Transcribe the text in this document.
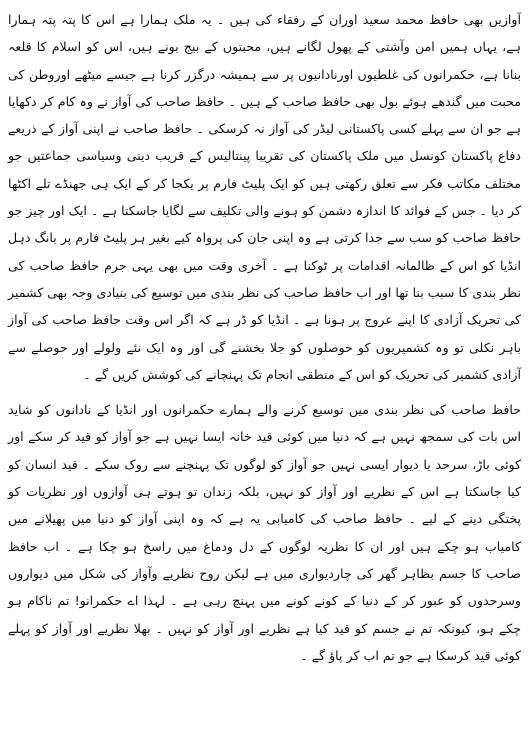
آوازیں بھی حافظ محمد سعید اوران کے رفقاء کی ہیں ۔ یہ ملک ہمارا ہے اس کا پتہ پتہ ہمارا ہے، یہاں ہمیں امن وآشتی کے پھول لگانے ہیں، محبتوں کے بیج بونے ہیں، اس کو اسلام کا قلعہ بنانا ہے، حکمرانوں کی غلطیوں اورنادانیوں پر سے ہمیشہ درگزر کرنا ہے جیسے میٹھے اوروطن کی محبت میں گندھے ہوئے بول بھی حافظ صاحب کے ہیں ۔ حافظ صاحب کی آواز نے وہ کام کر دکھایا ہے جو ان سے پہلے کسی پاکستانی لیڈر کی آواز نہ کرسکی ۔ حافظ صاحب نے اپنی آواز کے ذریعے دفاع پاکستان کونسل میں ملک پاکستان کی تقریبا پینتالیس کے قریب دینی وسیاسی جماعتیں جو مختلف مکاتب فکر سے تعلق رکھتی ہیں کو ایک پلیٹ فارم پر یکجا کر کے ایک ہی جھنڈے تلے اکٹھا کر دیا ۔ جس کے فوائد کا اندازہ دشمن کو ہونے والی تکلیف سے لگایا جاسکتا ہے ۔ ایک اور چیز جو حافظ صاحب کو سب سے جدا کرتی ہے وہ اپنی جان کی پرواہ کیے بغیر ہر پلیٹ فارم پر بانگ دہل انڈیا کو اس کے ظالمانہ اقدامات پر ٹوکنا ہے ۔ آخری وقت میں بھی یہی جرم حافظ صاحب کی نظر بندی کا سبب بنا تھا اور اب حافظ صاحب کی نظر بندی میں توسیع کی بنیادی وجہ بھی کشمیر کی تحریک آزادی کا اپنے عروج پر ہونا ہے ۔ انڈیا کو ڈر ہے کہ اگر اس وقت حافظ صاحب کی آواز باہر نکلی تو وہ کشمیریوں کو حوصلوں کو جلا بخشنے گی اور وہ ایک نئے ولولے اور حوصلے سے آزادی کشمیر کی تحریک کو اس کے منطقی انجام تک پہنچانے کی کوشش کریں گے ۔

حافظ صاحب کی نظر بندی میں توسیع کرنے والے ہمارے حکمرانوں اور انڈیا کے نادانوں کو شاید اس بات کی سمجھ نہیں ہے کہ دنیا میں کوئی قید خانہ ایسا نہیں ہے جو آواز کو قید کر سکے اور کوئی باڑ، سرحد یا دیوار ایسی نہیں جو آواز کو لوگوں تک پہنچنے سے روک سکے ۔ قید انسان کو کیا جاسکتا ہے اس کے نظریے اور آواز کو نہیں، بلکہ زندان تو ہوتے ہی آوازوں اور نظریات کو پختگی دینے کے لیے ۔ حافظ صاحب کی کامیابی یہ ہے کہ وہ اپنی آواز کو دنیا میں پھیلانے میں کامیاب ہو چکے ہیں اور ان کا نظریہ لوگوں کے دل ودماغ میں راسخ ہو چکا ہے ۔ اب حافظ صاحب کا جسم بظاہر گھر کی چاردیواری میں ہے لیکن روح نظریے وآواز کی شکل میں دیواروں وسرحدوں کو عبور کر کے دنیا کے کونے کونے میں پہنچ رہی ہے ۔ لہذا اے حکمرانو! تم ناکام ہو چکے ہو، کیونکہ تم نے جسم کو قید کیا ہے نظریے اور آواز کو نہیں ۔ بھلا نظریے اور آواز کو پہلے کوئی قید کرسکا ہے جو تم اب کر پاؤ گے ۔
